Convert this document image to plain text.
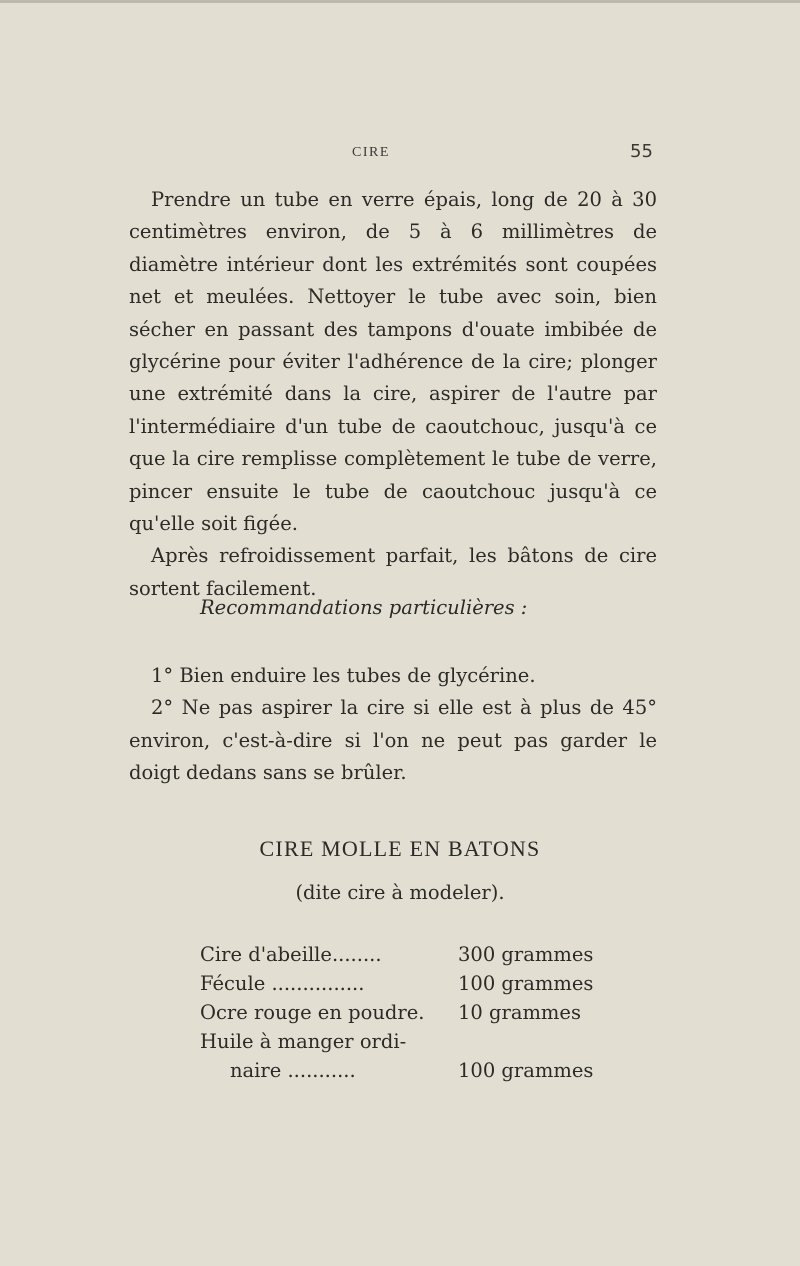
CIRE	55

Prendre un tube en verre épais, long de 20 à 30 centimètres environ, de 5 à 6 millimètres de diamètre intérieur dont les extrémités sont coupées net et meulées. Nettoyer le tube avec soin, bien sécher en passant des tampons d'ouate imbibée de glycérine pour éviter l'adhérence de la cire; plonger une extrémité dans la cire, aspirer de l'autre par l'intermédiaire d'un tube de caoutchouc, jusqu'à ce que la cire remplisse complètement le tube de verre, pincer ensuite le tube de caoutchouc jusqu'à ce qu'elle soit figée.

Après refroidissement parfait, les bâtons de cire sortent facilement.

Recommandations particulières :

1° Bien enduire les tubes de glycérine.

2° Ne pas aspirer la cire si elle est à plus de 45° environ, c'est-à-dire si l'on ne peut pas garder le doigt dedans sans se brûler.

CIRE MOLLE EN BATONS
(dite cire à modeler).
Cire d'abeille........	300 grammes
Fécule ...............	100 grammes
Ocre rouge en poudre. 10 grammes
Huile à manger ordi-
naire ...........	100 grammes
